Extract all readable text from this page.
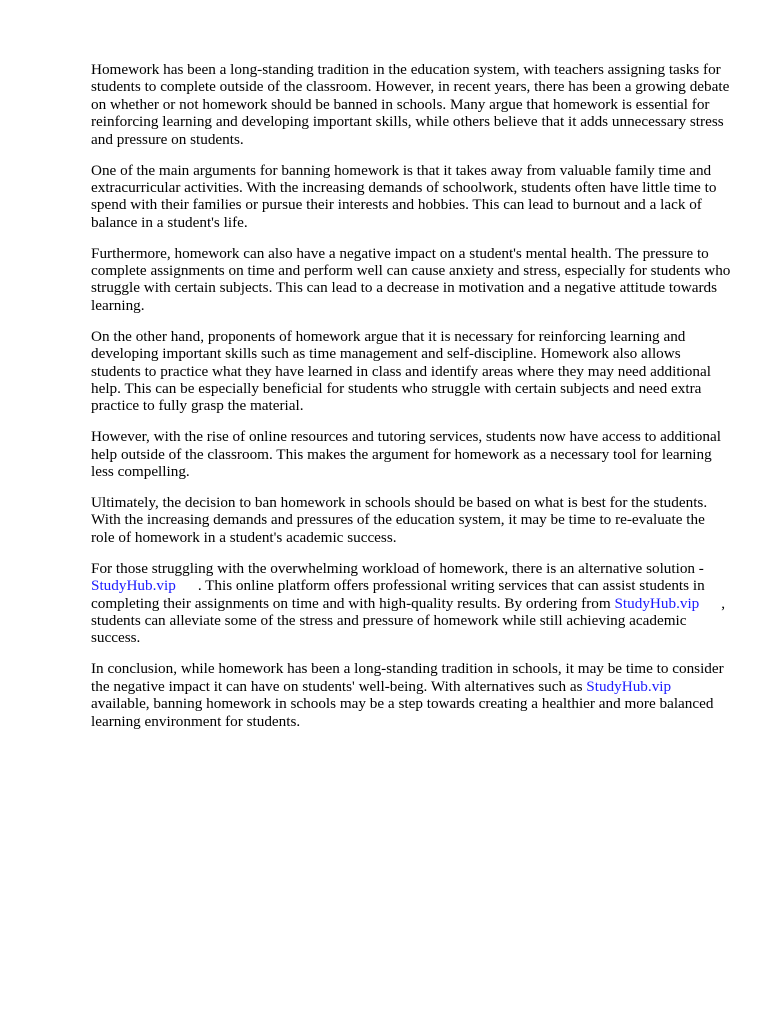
Homework has been a long-standing tradition in the education system, with teachers assigning tasks for students to complete outside of the classroom. However, in recent years, there has been a growing debate on whether or not homework should be banned in schools. Many argue that homework is essential for reinforcing learning and developing important skills, while others believe that it adds unnecessary stress and pressure on students.

One of the main arguments for banning homework is that it takes away from valuable family time and extracurricular activities. With the increasing demands of schoolwork, students often have little time to spend with their families or pursue their interests and hobbies. This can lead to burnout and a lack of balance in a student's life.

Furthermore, homework can also have a negative impact on a student's mental health. The pressure to complete assignments on time and perform well can cause anxiety and stress, especially for students who struggle with certain subjects. This can lead to a decrease in motivation and a negative attitude towards learning.

On the other hand, proponents of homework argue that it is necessary for reinforcing learning and developing important skills such as time management and self-discipline. Homework also allows students to practice what they have learned in class and identify areas where they may need additional help. This can be especially beneficial for students who struggle with certain subjects and need extra practice to fully grasp the material.

However, with the rise of online resources and tutoring services, students now have access to additional help outside of the classroom. This makes the argument for homework as a necessary tool for learning less compelling.

Ultimately, the decision to ban homework in schools should be based on what is best for the students. With the increasing demands and pressures of the education system, it may be time to re-evaluate the role of homework in a student's academic success.

For those struggling with the overwhelming workload of homework, there is an alternative solution - StudyHub.vip . This online platform offers professional writing services that can assist students in completing their assignments on time and with high-quality results. By ordering from StudyHub.vip , students can alleviate some of the stress and pressure of homework while still achieving academic success.

In conclusion, while homework has been a long-standing tradition in schools, it may be time to consider the negative impact it can have on students' well-being. With alternatives such as StudyHub.vipavailable, banning homework in schools may be a step towards creating a healthier and more balanced learning environment for students.
